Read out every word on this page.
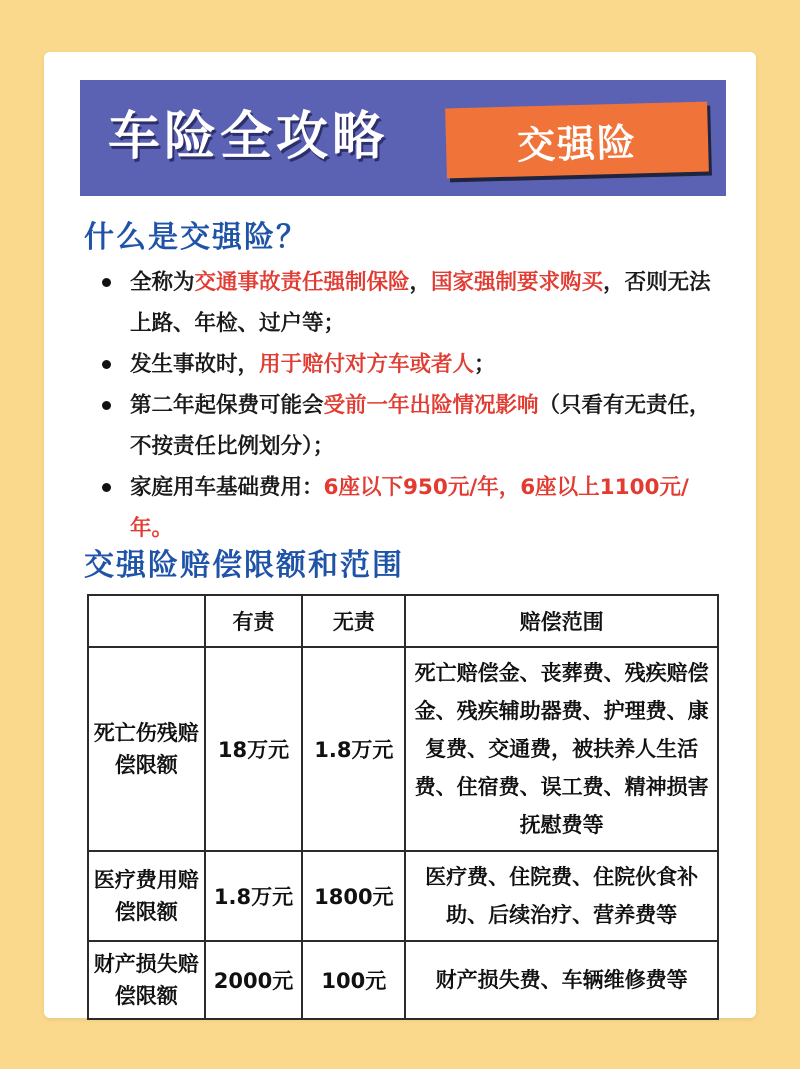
车险全攻略	交强险
什么是交强险？
全称为交通事故责任强制保险，国家强制要求购买，否则无法上路、年检、过户等；
发生事故时，用于赔付对方车或者人；
第二年起保费可能会受前一年出险情况影响（只看有无责任，不按责任比例划分）；
家庭用车基础费用：6座以下950元/年，6座以上1100元/年。
交强险赔偿限额和范围
	有责	无责	赔偿范围
死亡伤残赔偿限额	18万元	1.8万元	死亡赔偿金、丧葬费、残疾赔偿金、残疾辅助器费、护理费、康复费、交通费，被扶养人生活费、住宿费、误工费、精神损害抚慰费等
医疗费用赔偿限额	1.8万元	1800元	医疗费、住院费、住院伙食补助、后续治疗、营养费等
财产损失赔偿限额	2000元	100元	财产损失费、车辆维修费等
